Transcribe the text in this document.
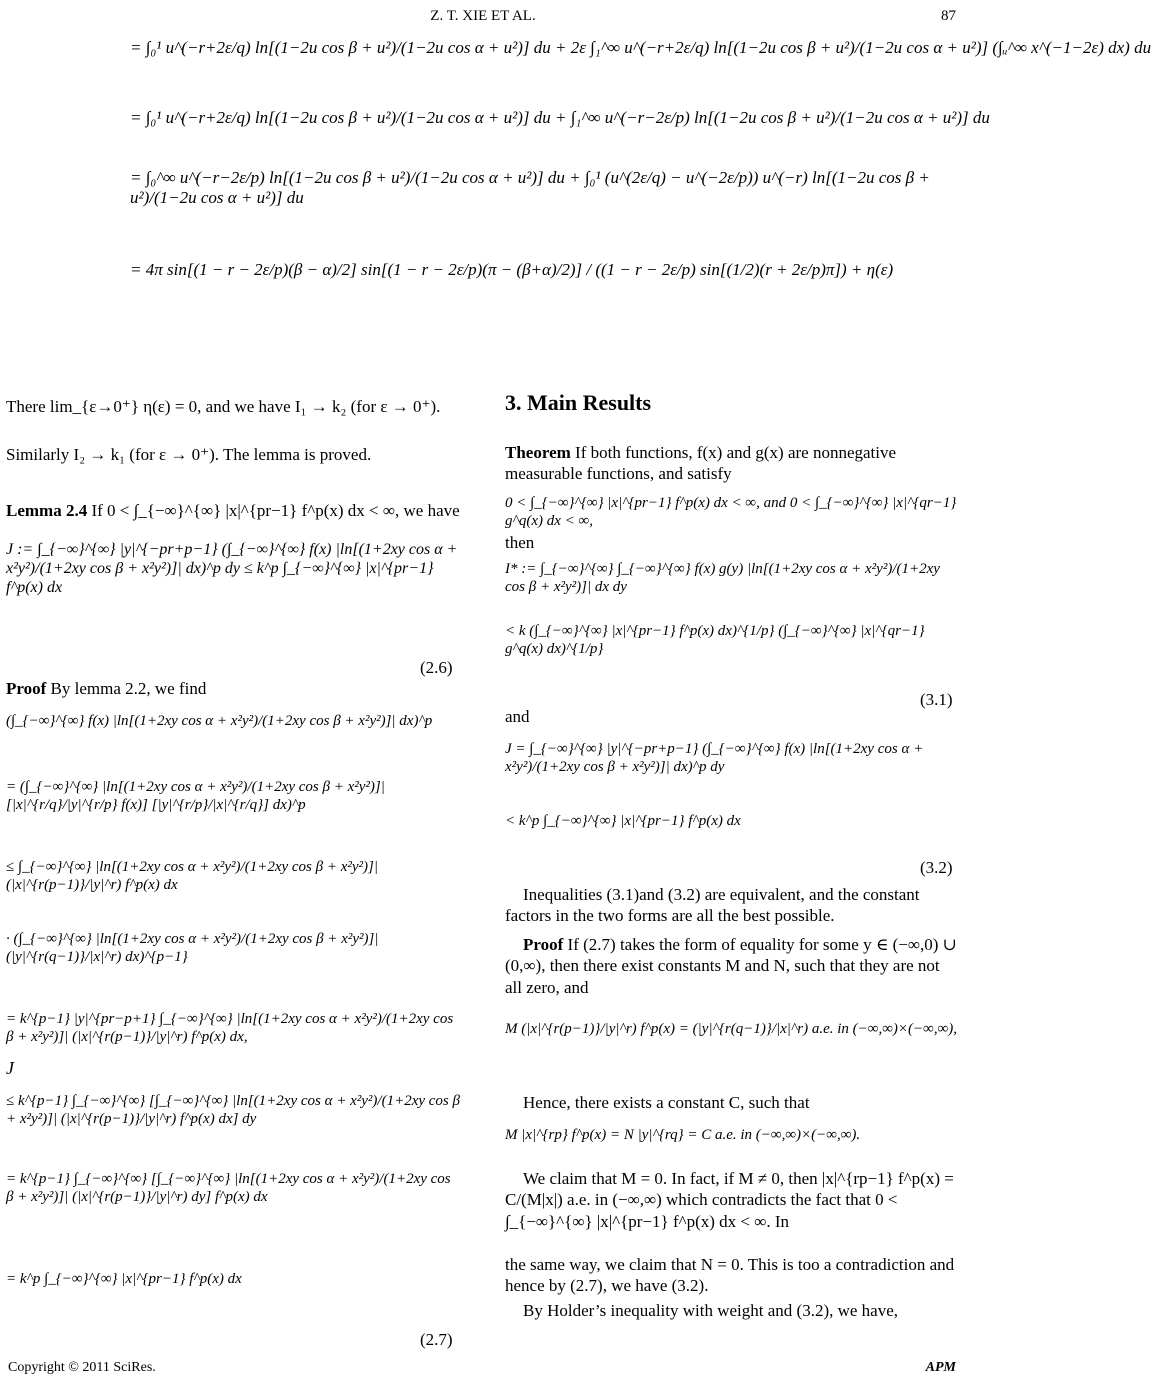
Z. T. XIE ET AL.	87
= ∫₀¹ u^(−r+2ε/q) ln[(1−2u cos β + u²)/(1−2u cos α + u²)] du + 2ε ∫₁^∞ u^(−r+2ε/q) ln[(1−2u cos β + u²)/(1−2u cos α + u²)] (∫ᵤ^∞ x^(−1−2ε) dx) du
= ∫₀¹ u^(−r+2ε/q) ln[(1−2u cos β + u²)/(1−2u cos α + u²)] du + ∫₁^∞ u^(−r−2ε/p) ln[(1−2u cos β + u²)/(1−2u cos α + u²)] du
= ∫₀^∞ u^(−r−2ε/p) ln[(1−2u cos β + u²)/(1−2u cos α + u²)] du + ∫₀¹ (u^(2ε/q) − u^(−2ε/p)) u^(−r) ln[(1−2u cos β + u²)/(1−2u cos α + u²)] du
= 4π sin[(1 − r − 2ε/p)(β − α)/2] sin[(1 − r − 2ε/p)(π − (β+α)/2)] / ((1 − r − 2ε/p) sin[(1/2)(r + 2ε/p)π]) + η(ε)
There lim_{ε→0⁺} η(ε) = 0, and we have I₁ → k₂ (for ε → 0⁺).
Similarly I₂ → k₁ (for ε → 0⁺). The lemma is proved.
Lemma 2.4 If 0 < ∫_{−∞}^{∞} |x|^{pr−1} f^p(x) dx < ∞, we have
J := ∫_{−∞}^{∞} |y|^{−pr+p−1} (∫_{−∞}^{∞} f(x) |ln[(1+2xy cos α + x²y²)/(1+2xy cos β + x²y²)]| dx)^p dy ≤ k^p ∫_{−∞}^{∞} |x|^{pr−1} f^p(x) dx
(2.6)
Proof By lemma 2.2, we find
(∫_{−∞}^{∞} f(x) |ln[(1+2xy cos α + x²y²)/(1+2xy cos β + x²y²)]| dx)^p
= (∫_{−∞}^{∞} |ln[(1+2xy cos α + x²y²)/(1+2xy cos β + x²y²)]| [|x|^{r/q}/|y|^{r/p} f(x)] [|y|^{r/p}/|x|^{r/q}] dx)^p
≤ ∫_{−∞}^{∞} |ln[(1+2xy cos α + x²y²)/(1+2xy cos β + x²y²)]| (|x|^{r(p−1)}/|y|^r) f^p(x) dx
· (∫_{−∞}^{∞} |ln[(1+2xy cos α + x²y²)/(1+2xy cos β + x²y²)]| (|y|^{r(q−1)}/|x|^r) dx)^{p−1}
= k^{p−1} |y|^{pr−p+1} ∫_{−∞}^{∞} |ln[(1+2xy cos α + x²y²)/(1+2xy cos β + x²y²)]| (|x|^{r(p−1)}/|y|^r) f^p(x) dx,
J
≤ k^{p−1} ∫_{−∞}^{∞} [∫_{−∞}^{∞} |ln[(1+2xy cos α + x²y²)/(1+2xy cos β + x²y²)]| (|x|^{r(p−1)}/|y|^r) f^p(x) dx] dy
= k^{p−1} ∫_{−∞}^{∞} [∫_{−∞}^{∞} |ln[(1+2xy cos α + x²y²)/(1+2xy cos β + x²y²)]| (|x|^{r(p−1)}/|y|^r) dy] f^p(x) dx
= k^p ∫_{−∞}^{∞} |x|^{pr−1} f^p(x) dx
(2.7)
3. Main Results
Theorem If both functions, f(x) and g(x) are nonnegative measurable functions, and satisfy
0 < ∫_{−∞}^{∞} |x|^{pr−1} f^p(x) dx < ∞, and 0 < ∫_{−∞}^{∞} |x|^{qr−1} g^q(x) dx < ∞,
then
I* := ∫_{−∞}^{∞} ∫_{−∞}^{∞} f(x) g(y) |ln[(1+2xy cos α + x²y²)/(1+2xy cos β + x²y²)]| dx dy
< k (∫_{−∞}^{∞} |x|^{pr−1} f^p(x) dx)^{1/p} (∫_{−∞}^{∞} |x|^{qr−1} g^q(x) dx)^{1/p}
(3.1)
and
J = ∫_{−∞}^{∞} |y|^{−pr+p−1} (∫_{−∞}^{∞} f(x) |ln[(1+2xy cos α + x²y²)/(1+2xy cos β + x²y²)]| dx)^p dy
< k^p ∫_{−∞}^{∞} |x|^{pr−1} f^p(x) dx
(3.2)
Inequalities (3.1)and (3.2) are equivalent, and the constant factors in the two forms are all the best possible.
Proof If (2.7) takes the form of equality for some y ∈ (−∞,0) ∪ (0,∞), then there exist constants M and N, such that they are not all zero, and
M (|x|^{r(p−1)}/|y|^r) f^p(x) = (|y|^{r(q−1)}/|x|^r) a.e. in (−∞,∞)×(−∞,∞),
Hence, there exists a constant C, such that
M |x|^{rp} f^p(x) = N |y|^{rq} = C a.e. in (−∞,∞)×(−∞,∞).
We claim that M = 0. In fact, if M ≠ 0, then |x|^{rp−1} f^p(x) = C/(M|x|) a.e. in (−∞,∞) which contradicts the fact that 0 < ∫_{−∞}^{∞} |x|^{pr−1} f^p(x) dx < ∞. In
the same way, we claim that N = 0. This is too a contradiction and hence by (2.7), we have (3.2).
By Holder’s inequality with weight and (3.2), we have,
Copyright © 2011 SciRes.	APM
